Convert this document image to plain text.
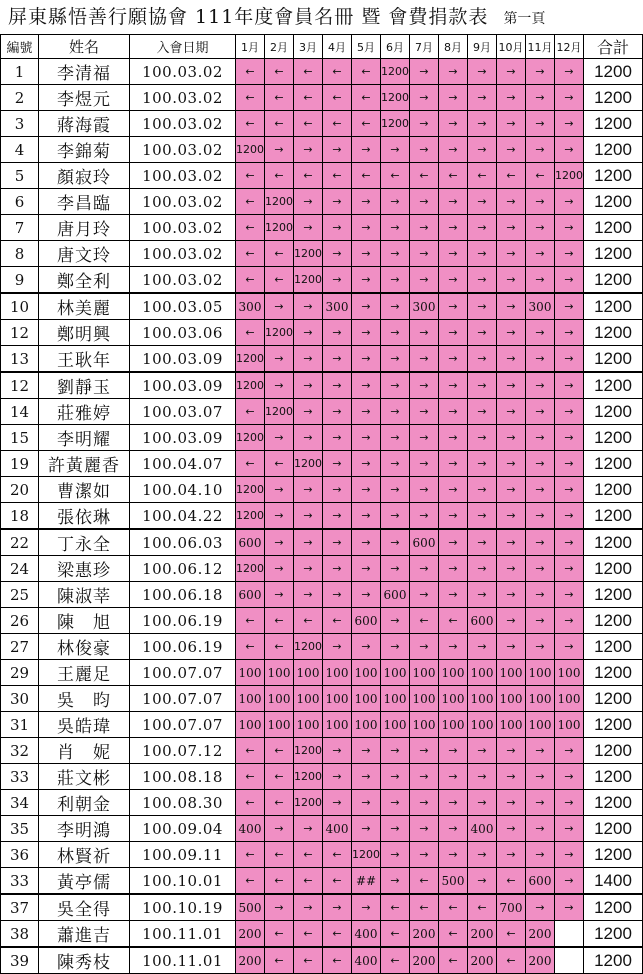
屏東縣悟善行願協會 111年度會員名冊 暨 會費捐款表 第一頁
編號	姓名	入會日期	1月	2月	3月	4月	5月	6月	7月	8月	9月	10月	11月	12月	合計
1	李清福	100.03.02	←	←	←	←	←	1200	→	→	→	→	→	→	1200
2	李煜元	100.03.02	←	←	←	←	←	1200	→	→	→	→	→	→	1200
3	蔣海霞	100.03.02	←	←	←	←	←	1200	→	→	→	→	→	→	1200
4	李錦菊	100.03.02	1200	→	→	→	→	→	→	→	→	→	→	→	1200
5	顏寂玲	100.03.02	←	←	←	←	←	←	←	←	←	←	←	1200	1200
6	李昌臨	100.03.02	←	1200	→	→	→	→	→	→	→	→	→	→	1200
7	唐月玲	100.03.02	←	1200	→	→	→	→	→	→	→	→	→	→	1200
8	唐文玲	100.03.02	←	←	1200	→	→	→	→	→	→	→	→	→	1200
9	鄭全利	100.03.02	←	←	1200	→	→	→	→	→	→	→	→	→	1200
10	林美麗	100.03.05	300	→	→	300	→	→	300	→	→	→	300	→	1200
12	鄭明興	100.03.06	←	1200	→	→	→	→	→	→	→	→	→	→	1200
13	王耿年	100.03.09	1200	→	→	→	→	→	→	→	→	→	→	→	1200
12	劉靜玉	100.03.09	1200	→	→	→	→	→	→	→	→	→	→	→	1200
14	莊雅婷	100.03.07	←	1200	→	→	→	→	→	→	→	→	→	→	1200
15	李明耀	100.03.09	1200	→	→	→	→	→	→	→	→	→	→	→	1200
19	許黃麗香	100.04.07	←	←	1200	→	→	→	→	→	→	→	→	→	1200
20	曹潔如	100.04.10	1200	→	→	→	→	→	→	→	→	→	→	→	1200
18	張依琳	100.04.22	1200	→	→	→	→	→	→	→	→	→	→	→	1200
22	丁永全	100.06.03	600	→	→	→	→	→	600	→	→	→	→	→	1200
24	梁惠珍	100.06.12	1200	→	→	→	→	→	→	→	→	→	→	→	1200
25	陳淑莘	100.06.18	600	→	→	→	→	600	→	→	→	→	→	→	1200
26	陳　旭	100.06.19	←	←	←	←	600	→	←	←	600	→	→	→	1200
27	林俊豪	100.06.19	←	←	1200	→	→	→	→	→	→	→	→	→	1200
29	王麗足	100.07.07	100	100	100	100	100	100	100	100	100	100	100	100	1200
30	吳　昀	100.07.07	100	100	100	100	100	100	100	100	100	100	100	100	1200
31	吳皓瑋	100.07.07	100	100	100	100	100	100	100	100	100	100	100	100	1200
32	肖　妮	100.07.12	←	←	1200	→	→	→	→	→	→	→	→	→	1200
33	莊文彬	100.08.18	←	←	1200	→	→	→	→	→	→	→	→	→	1200
34	利朝金	100.08.30	←	←	1200	→	→	→	→	→	→	→	→	→	1200
35	李明鴻	100.09.04	400	→	→	400	→	→	→	→	400	→	→	→	1200
36	林賢祈	100.09.11	←	←	←	←	1200	→	→	→	→	→	→	→	1200
33	黃亭儒	100.10.01	←	←	←	←	##	→	←	500	→	←	600	→	1400
37	吳全得	100.10.19	500	→	→	→	→	←	←	←	←	700	→	→	1200
38	蕭進吉	100.11.01	200	←	←	←	400	←	200	←	200	←	200		1200
39	陳秀枝	100.11.01	200	←	←	←	400	←	200	←	200	←	200		1200
